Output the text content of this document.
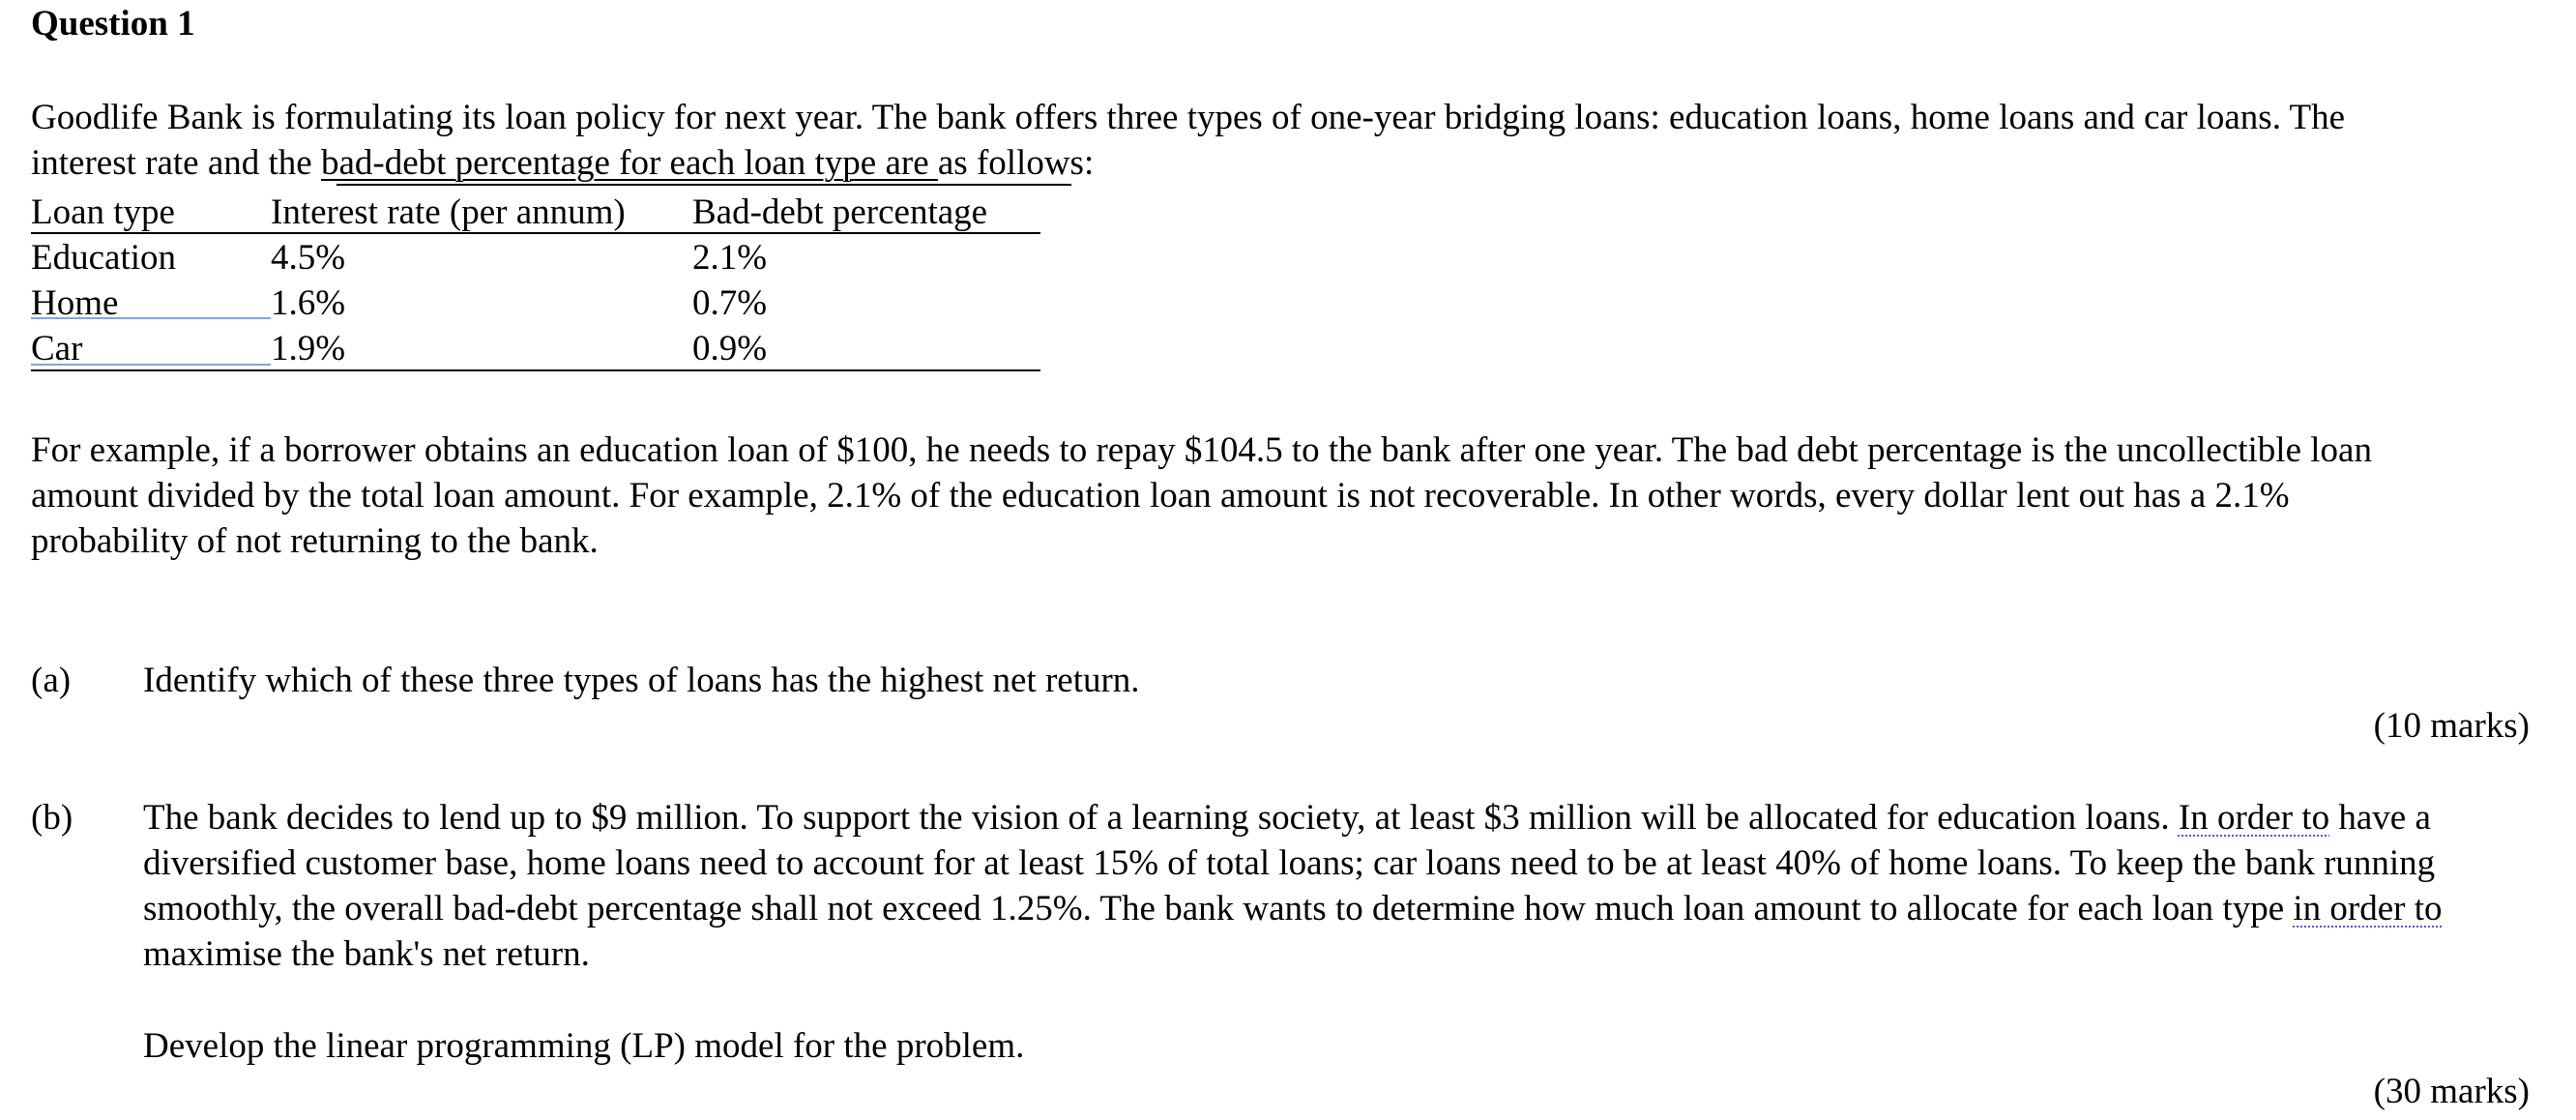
Question 1

Goodlife Bank is formulating its loan policy for next year. The bank offers three types of one-year bridging loans: education loans, home loans and car loans. The

interest rate and the bad-debt percentage for each loan type are as follows:

Loan type	Interest rate (per annum) Bad-debt percentage
Education	4.5%	2.1%
Home	1.6%	0.7%
Car	1.9%	0.9%

For example, if a borrower obtains an education loan of $100, he needs to repay $104.5 to the bank after one year. The bad debt percentage is the uncollectible loan

amount divided by the total loan amount. For example, 2.1% of the education loan amount is not recoverable. In other words, every dollar lent out has a 2.1%

probability of not returning to the bank.

(a) Identify which of these three types of loans has the highest net return.
(10 marks)
(b) The bank decides to lend up to $9 million. To support the vision of a learning society, at least $3 million will be allocated for education loans. In order to have a

diversified customer base, home loans need to account for at least 15% of total loans; car loans need to be at least 40% of home loans. To keep the bank running

smoothly, the overall bad-debt percentage shall not exceed 1.25%. The bank wants to determine how much loan amount to allocate for each loan type in order to

maximise the bank's net return.

Develop the linear programming (LP) model for the problem.
(30 marks)
